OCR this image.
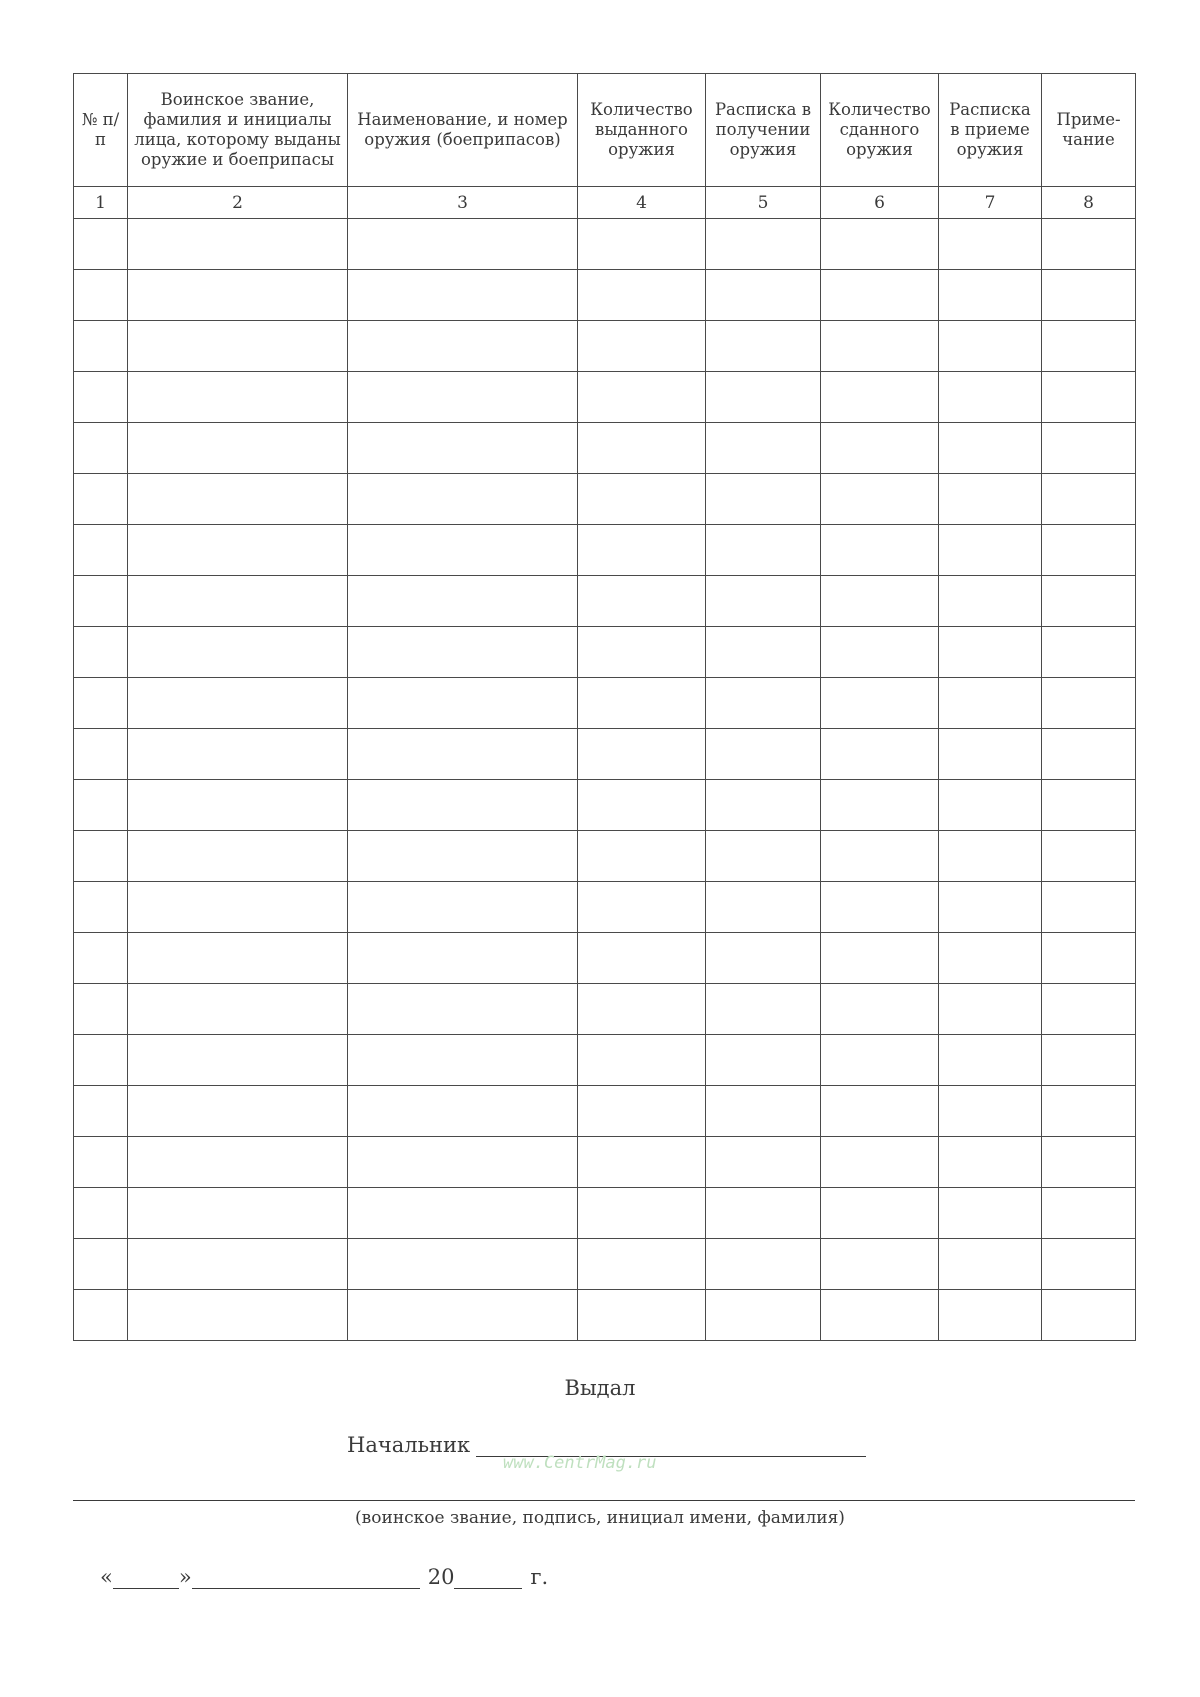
№ п/п	Воинское звание, фамилия и инициалы лица, которому выданы оружие и боеприпасы	Наименование, и номер оружия (боеприпасов)	Количество выданного оружия	Расписка в получении оружия	Количество сданного оружия	Расписка в приеме оружия	Приме-чание
1	2	3	4	5	6	7	8

Выдал
Начальник
www.CentrMag.ru
(воинское звание, подпись, инициал имени, фамилия)
«	»	20	г.
